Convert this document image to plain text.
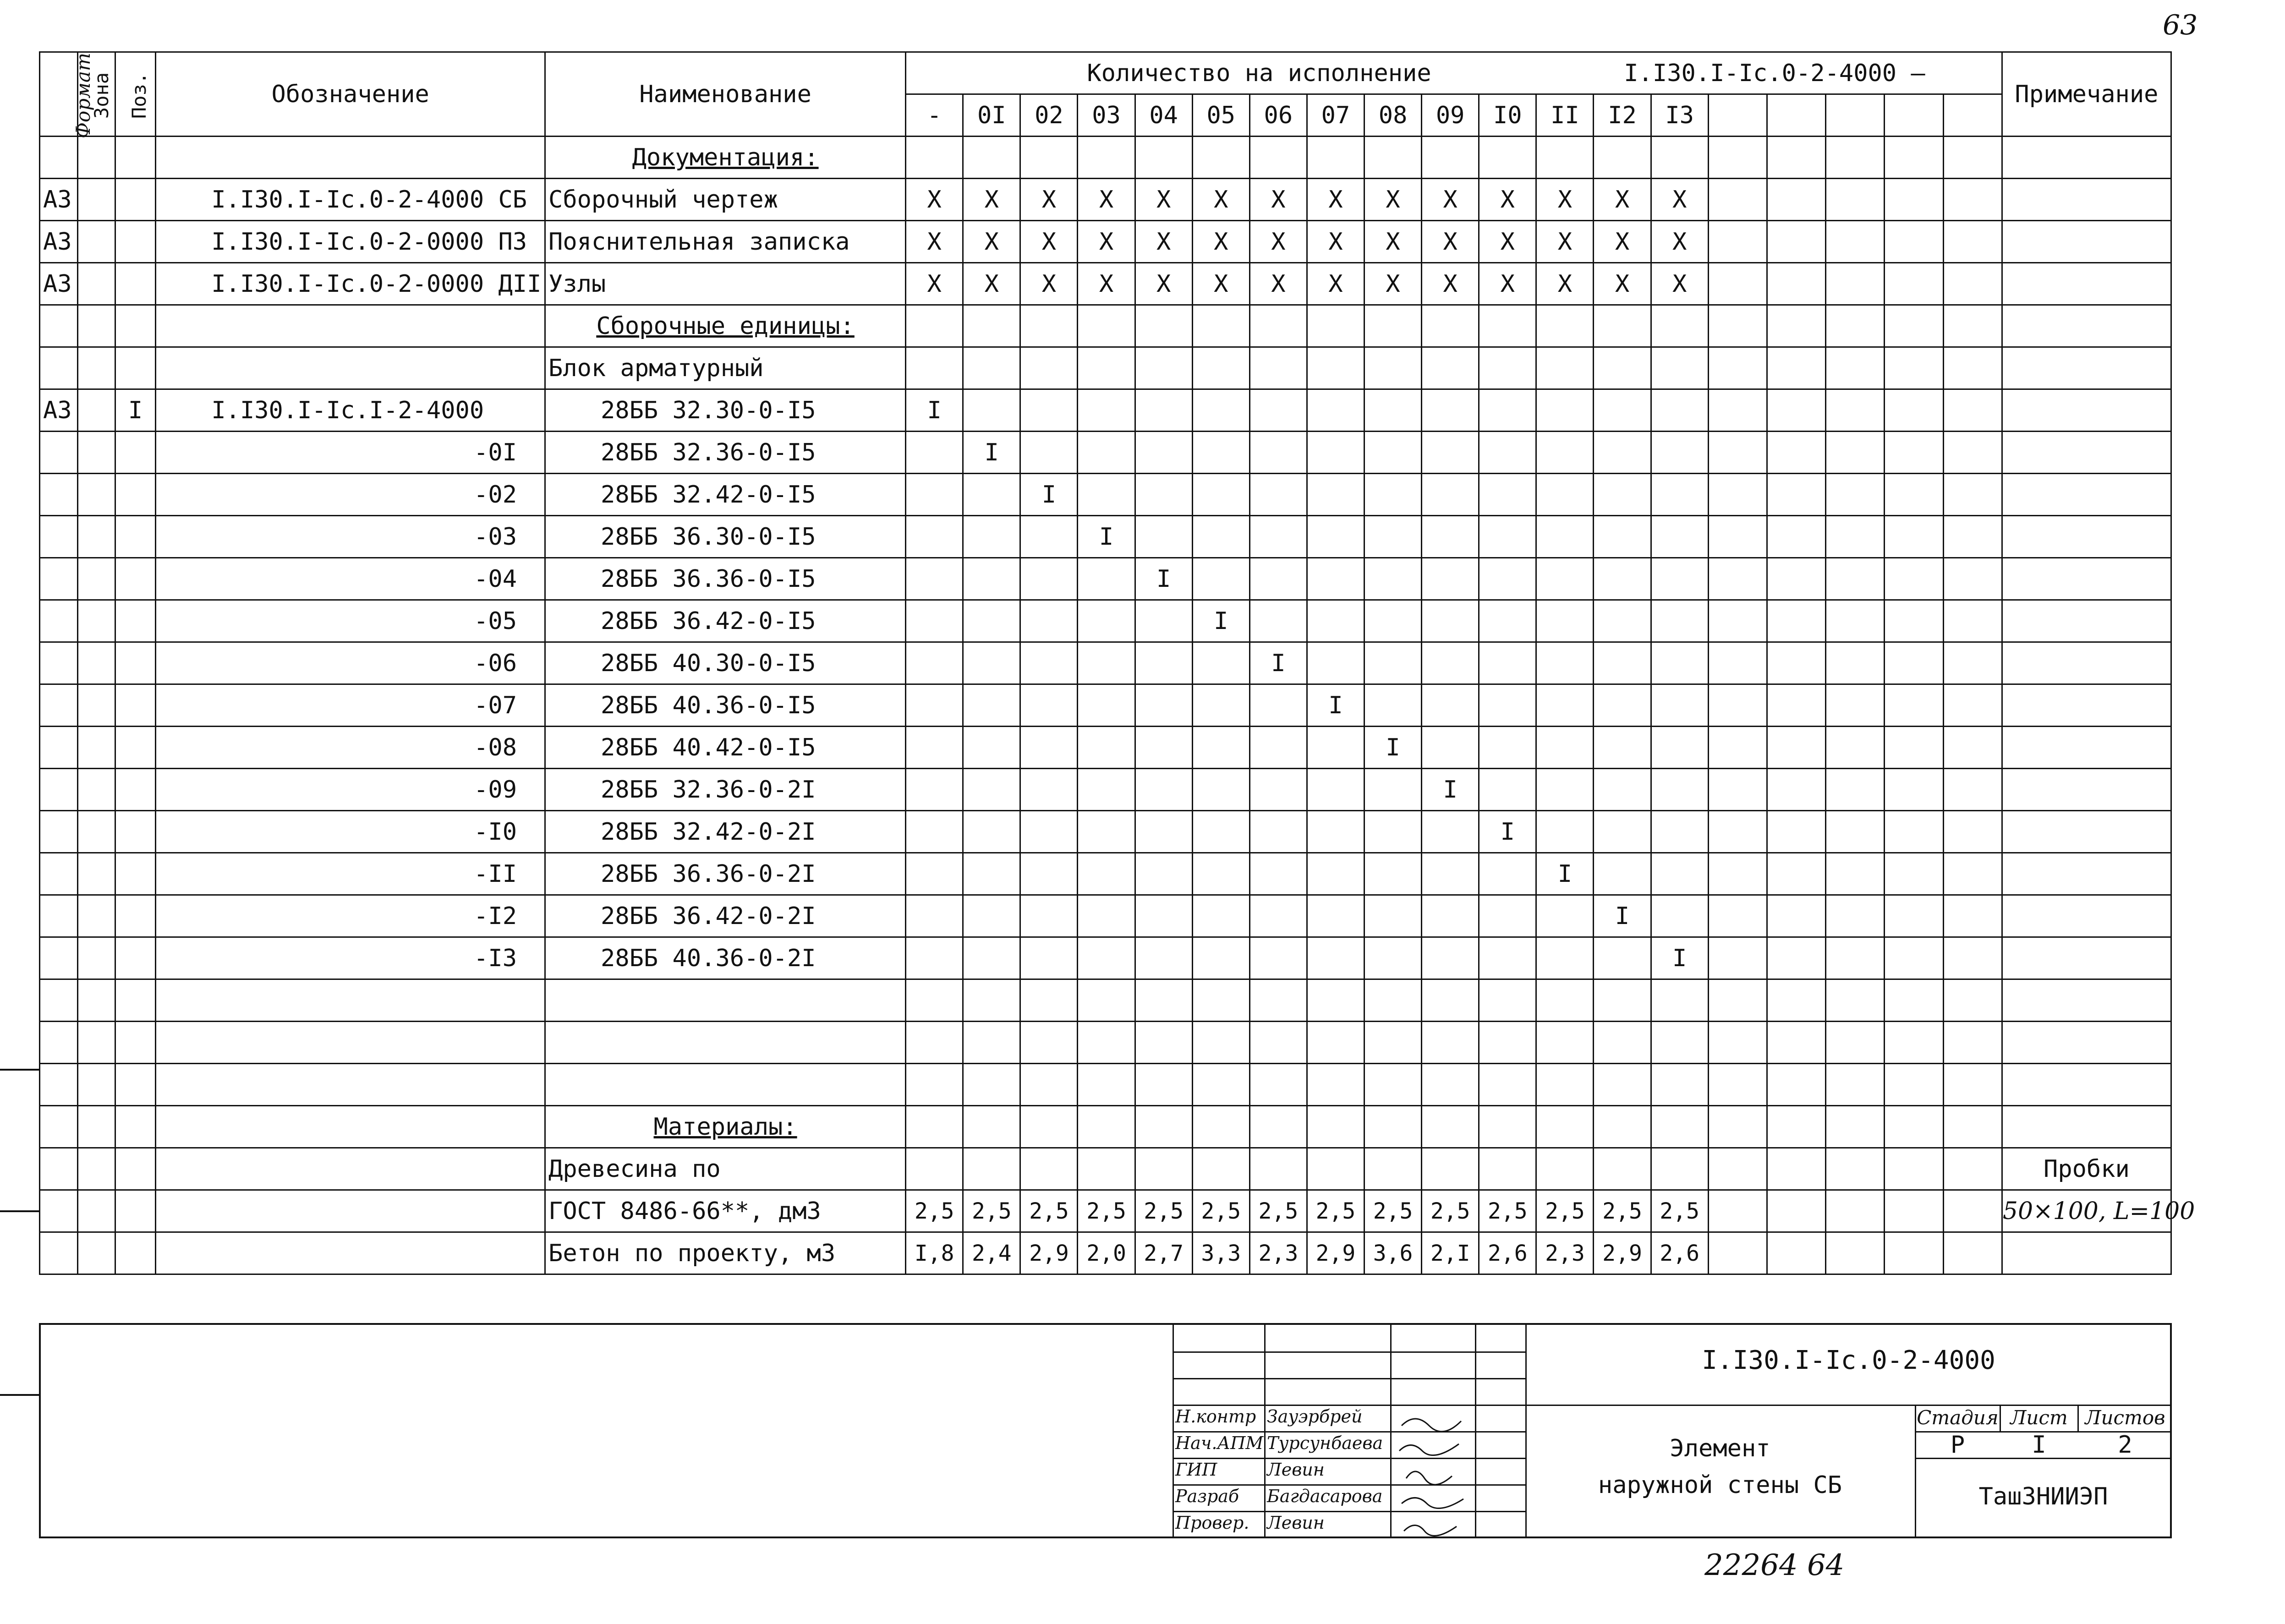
63
Формат	Зона	Поз.	Обозначение	Наименование	Количество на исполнение I.I30.I-Ic.0-2-4000 —																			Примечание
					-	0I	02	03	04	05	06	07	08	09	I0	II	I2	I3						
				Документация:																				
А3			I.I30.I-Ic.0-2-4000 СБ	Сборочный чертеж	X	X	X	X	X	X	X	X	X	X	X	X	X	X						
А3			I.I30.I-Ic.0-2-0000 ПЗ	Пояснительная записка	X	X	X	X	X	X	X	X	X	X	X	X	X	X						
А3			I.I30.I-Ic.0-2-0000 ДII	Узлы	X	X	X	X	X	X	X	X	X	X	X	X	X	X						
				Сборочные единицы:																				
				Блок арматурный																				
А3		I	I.I30.I-Ic.I-2-4000	28ББ 32.30-0-I5	I																			
			-0I	28ББ 32.36-0-I5		I																		
			-02	28ББ 32.42-0-I5			I																	
			-03	28ББ 36.30-0-I5				I																
			-04	28ББ 36.36-0-I5					I															
			-05	28ББ 36.42-0-I5						I														
			-06	28ББ 40.30-0-I5							I													
			-07	28ББ 40.36-0-I5								I												
			-08	28ББ 40.42-0-I5									I											
			-09	28ББ 32.36-0-2I										I										
			-I0	28ББ 32.42-0-2I											I									
			-II	28ББ 36.36-0-2I												I								
			-I2	28ББ 36.42-0-2I													I							
			-I3	28ББ 40.36-0-2I														I						

				Материалы:																				
				Древесина по																				Пробки
				ГОСТ 8486-66**, дм3	2,5	2,5	2,5	2,5	2,5	2,5	2,5	2,5	2,5	2,5	2,5	2,5	2,5	2,5						50×100, L=100
				Бетон по проекту, м3	I,8	2,4	2,9	2,0	2,7	3,3	2,3	2,9	3,6	2,I	2,6	2,3	2,9	2,6						
I.I30.I-Ic.0-2-4000
Элемент
наружной стены СБ
Стадия Лист Листов
Р	I	2
ТашЗНИИЭП
Н.контр Зауэрбрей
Нач.АПМ Турсунбаева
ГИП	Левин
Разраб Багдасарова
Провер. Левин
22264 64
